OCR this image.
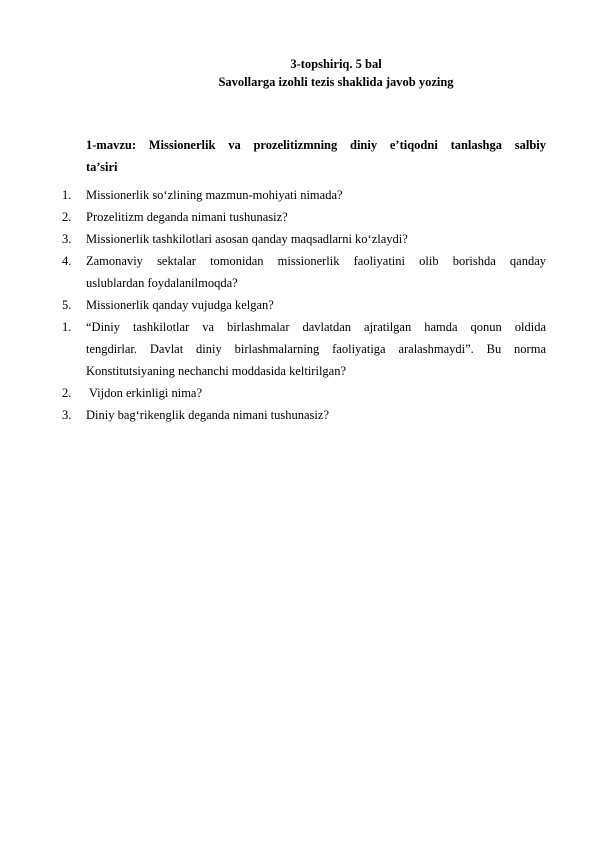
3-topshiriq. 5 bal
Savollarga izohli tezis shaklida javob yozing
1-mavzu: Missionerlik va prozelitizmning diniy e’tiqodni tanlashga salbiy
ta’siri
1.	Missionerlik so‘zlining mazmun-mohiyati nimada?
2.	Prozelitizm deganda nimani tushunasiz?
3.	Missionerlik tashkilotlari asosan qanday maqsadlarni ko‘zlaydi?
4.	Zamonaviy sektalar tomonidan missionerlik faoliyatini olib borishda qanday
uslublardan foydalanilmoqda?
5.	Missionerlik qanday vujudga kelgan?
1.	“Diniy tashkilotlar va birlashmalar davlatdan ajratilgan hamda qonun oldida
tengdirlar. Davlat diniy birlashmalarning faoliyatiga aralashmaydi”. Bu norma
Konstitutsiyaning nechanchi moddasida keltirilgan?
2.	Vijdon erkinligi nima?
3.	Diniy bag‘rikenglik deganda nimani tushunasiz?
